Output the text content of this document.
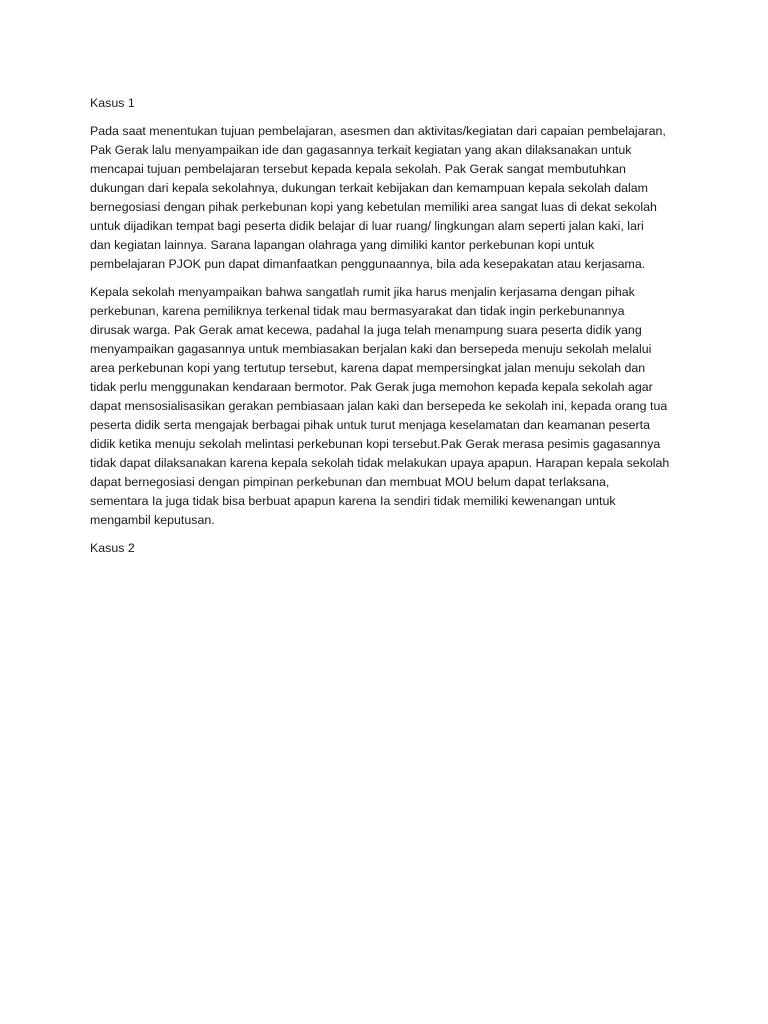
Kasus 1
Pada saat menentukan tujuan pembelajaran, asesmen dan aktivitas/kegiatan dari capaian pembelajaran,
Pak Gerak lalu menyampaikan ide dan gagasannya terkait kegiatan yang akan dilaksanakan untuk
mencapai tujuan pembelajaran tersebut kepada kepala sekolah. Pak Gerak sangat membutuhkan
dukungan dari kepala sekolahnya, dukungan terkait kebijakan dan kemampuan kepala sekolah dalam
bernegosiasi dengan pihak perkebunan kopi yang kebetulan memiliki area sangat luas di dekat sekolah
untuk dijadikan tempat bagi peserta didik belajar di luar ruang/ lingkungan alam seperti jalan kaki, lari
dan kegiatan lainnya. Sarana lapangan olahraga yang dimiliki kantor perkebunan kopi untuk
pembelajaran PJOK pun dapat dimanfaatkan penggunaannya, bila ada kesepakatan atau kerjasama.
Kepala sekolah menyampaikan bahwa sangatlah rumit jika harus menjalin kerjasama dengan pihak
perkebunan, karena pemiliknya terkenal tidak mau bermasyarakat dan tidak ingin perkebunannya
dirusak warga. Pak Gerak amat kecewa, padahal Ia juga telah menampung suara peserta didik yang
menyampaikan gagasannya untuk membiasakan berjalan kaki dan bersepeda menuju sekolah melalui
area perkebunan kopi yang tertutup tersebut, karena dapat mempersingkat jalan menuju sekolah dan
tidak perlu menggunakan kendaraan bermotor. Pak Gerak juga memohon kepada kepala sekolah agar
dapat mensosialisasikan gerakan pembiasaan jalan kaki dan bersepeda ke sekolah ini, kepada orang tua
peserta didik serta mengajak berbagai pihak untuk turut menjaga keselamatan dan keamanan peserta
didik ketika menuju sekolah melintasi perkebunan kopi tersebut.Pak Gerak merasa pesimis gagasannya
tidak dapat dilaksanakan karena kepala sekolah tidak melakukan upaya apapun. Harapan kepala sekolah
dapat bernegosiasi dengan pimpinan perkebunan dan membuat MOU belum dapat terlaksana,
sementara Ia juga tidak bisa berbuat apapun karena Ia sendiri tidak memiliki kewenangan untuk
mengambil keputusan.
Kasus 2
